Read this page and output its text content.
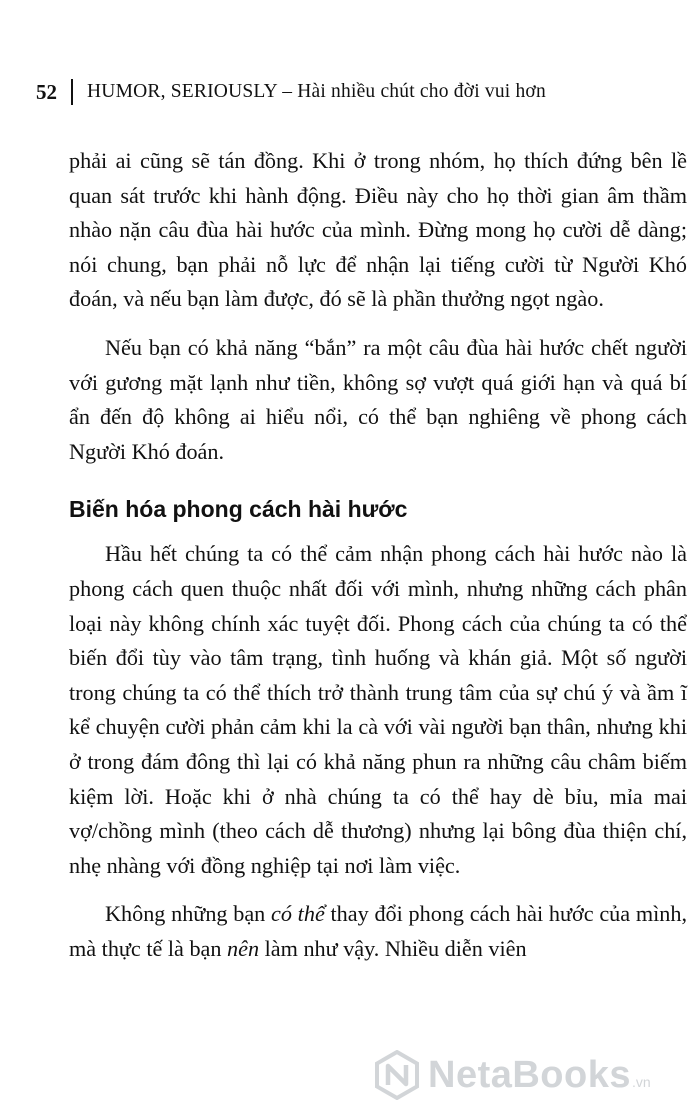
52 HUMOR, SERIOUSLY – Hài nhiều chút cho đời vui hơn

phải ai cũng sẽ tán đồng. Khi ở trong nhóm, họ thích đứng bên lề quan sát trước khi hành động. Điều này cho họ thời gian âm thầm nhào nặn câu đùa hài hước của mình. Đừng mong họ cười dễ dàng; nói chung, bạn phải nỗ lực để nhận lại tiếng cười từ Người Khó đoán, và nếu bạn làm được, đó sẽ là phần thưởng ngọt ngào.

Nếu bạn có khả năng “bắn” ra một câu đùa hài hước chết người với gương mặt lạnh như tiền, không sợ vượt quá giới hạn và quá bí ẩn đến độ không ai hiểu nổi, có thể bạn nghiêng về phong cách Người Khó đoán.

Biến hóa phong cách hài hước

Hầu hết chúng ta có thể cảm nhận phong cách hài hước nào là phong cách quen thuộc nhất đối với mình, nhưng những cách phân loại này không chính xác tuyệt đối. Phong cách của chúng ta có thể biến đổi tùy vào tâm trạng, tình huống và khán giả. Một số người trong chúng ta có thể thích trở thành trung tâm của sự chú ý và ầm ĩ kể chuyện cười phản cảm khi la cà với vài người bạn thân, nhưng khi ở trong đám đông thì lại có khả năng phun ra những câu châm biếm kiệm lời. Hoặc khi ở nhà chúng ta có thể hay dè bỉu, mỉa mai vợ/chồng mình (theo cách dễ thương) nhưng lại bông đùa thiện chí, nhẹ nhàng với đồng nghiệp tại nơi làm việc.

Không những bạn có thể thay đổi phong cách hài hước của mình, mà thực tế là bạn nên làm như vậy. Nhiều diễn viên

NetaBooks .vn
